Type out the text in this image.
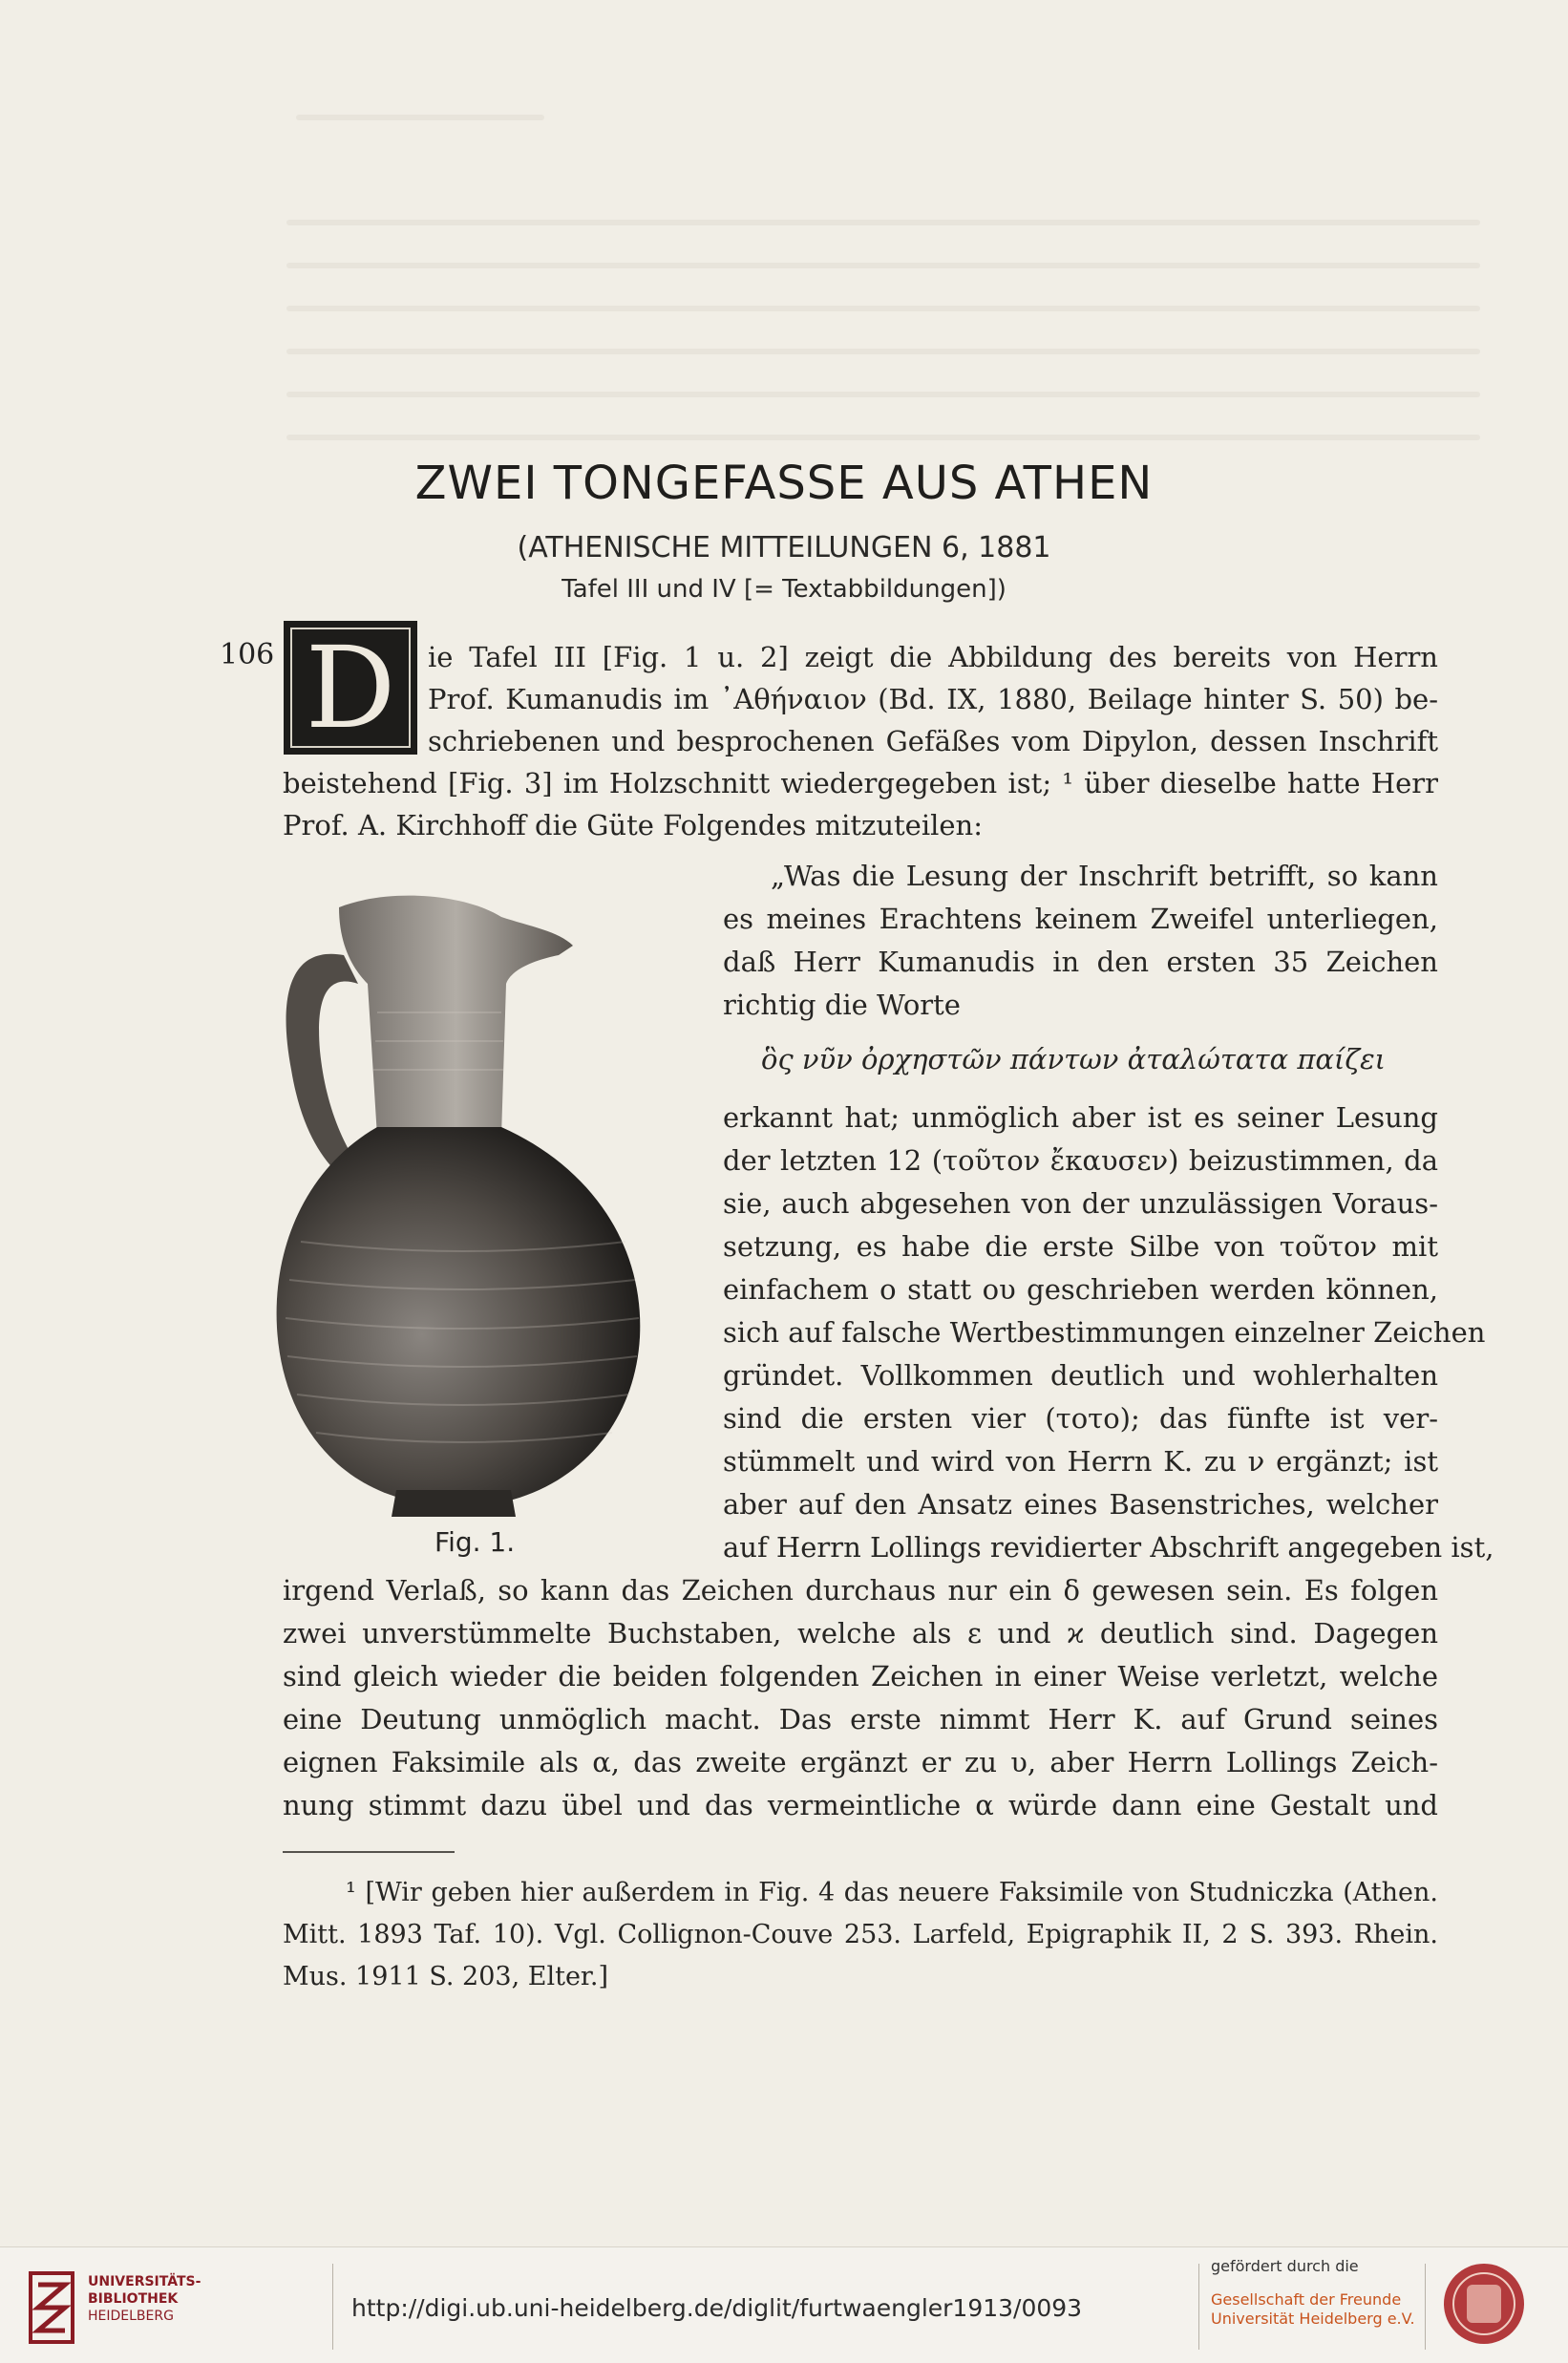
ZWEI TONGEFASSE AUS ATHEN
(ATHENISCHE MITTEILUNGEN 6, 1881
Tafel III und IV [= Textabbildungen])
106 D	ie Tafel III [Fig. 1 u. 2] zeigt die Abbildung des bereits von Herrn
Prof. Kumanudis im ᾿Αθήναιον (Bd. IX, 1880, Beilage hinter S. 50) be-
schriebenen und besprochenen Gefäßes vom Dipylon, dessen Inschrift
beistehend [Fig. 3] im Holzschnitt wiedergegeben ist; ¹ über dieselbe hatte Herr
Prof. A. Kirchhoff die Güte Folgendes mitzuteilen:
„Was die Lesung der Inschrift betrifft, so kann
es meines Erachtens keinem Zweifel unterliegen,
daß Herr Kumanudis in den ersten 35 Zeichen
richtig die Worte
ὃς νῦν ὀρχηστῶν πάντων ἀταλώτατα παίζει
erkannt hat; unmöglich aber ist es seiner Lesung
der letzten 12 (τοῦτον ἔκαυσεν) beizustimmen, da
sie, auch abgesehen von der unzulässigen Voraus-
setzung, es habe die erste Silbe von τοῦτον mit
einfachem ο statt ου geschrieben werden können,
sich auf falsche Wertbestimmungen einzelner Zeichen
gründet. Vollkommen deutlich und wohlerhalten
sind die ersten vier (τοτο); das fünfte ist ver-
stümmelt und wird von Herrn K. zu ν ergänzt; ist
aber auf den Ansatz eines Basenstriches, welcher
auf Herrn Lollings revidierter Abschrift angegeben ist,
Fig. 1.
irgend Verlaß, so kann das Zeichen durchaus nur ein δ gewesen sein. Es folgen
zwei unverstümmelte Buchstaben, welche als ε und ϰ deutlich sind. Dagegen
sind gleich wieder die beiden folgenden Zeichen in einer Weise verletzt, welche
eine Deutung unmöglich macht. Das erste nimmt Herr K. auf Grund seines
eignen Faksimile als α, das zweite ergänzt er zu υ, aber Herrn Lollings Zeich-
nung stimmt dazu übel und das vermeintliche α würde dann eine Gestalt und
¹ [Wir geben hier außerdem in Fig. 4 das neuere Faksimile von Studniczka (Athen.
Mitt. 1893 Taf. 10). Vgl. Collignon-Couve 253. Larfeld, Epigraphik II, 2 S. 393. Rhein.
Mus. 1911 S. 203, Elter.]
UNIVERSITÄTS-
BIBLIOTHEK
HEIDELBERG	http://digi.ub.uni-heidelberg.de/diglit/furtwaengler1913/0093
gefördert durch die
Gesellschaft der Freunde
Universität Heidelberg e.V.
